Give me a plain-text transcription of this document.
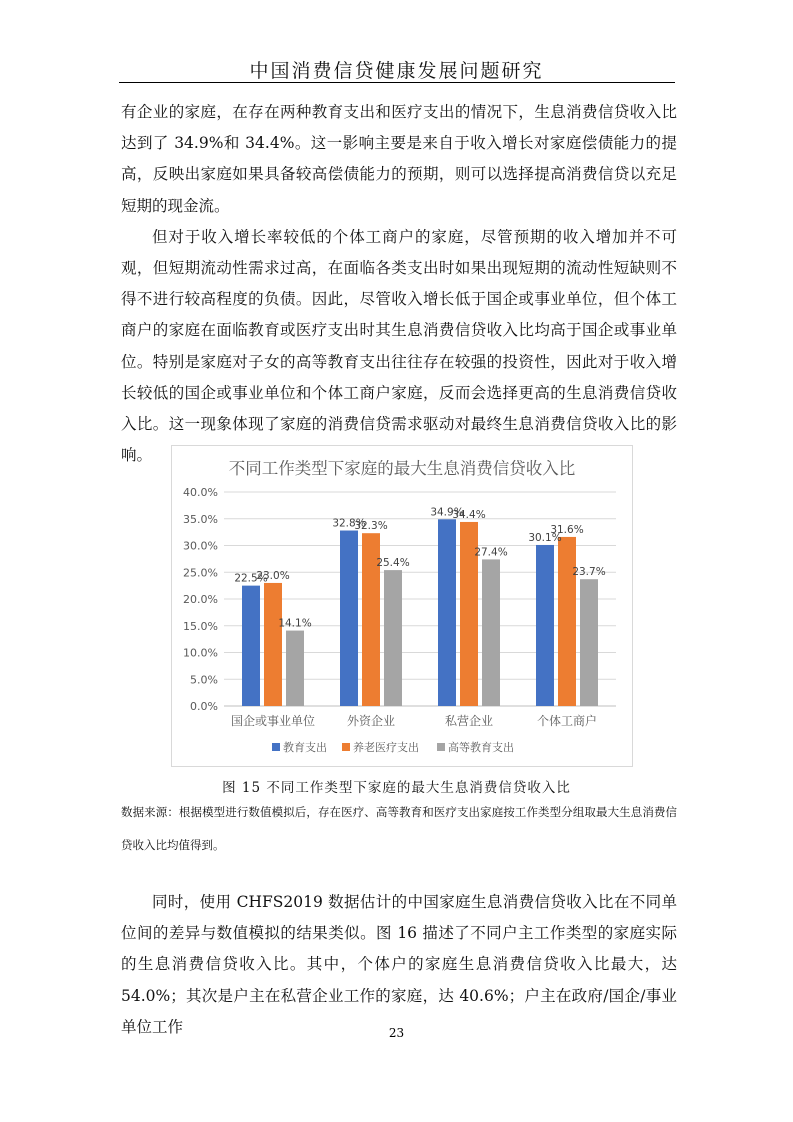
中国消费信贷健康发展问题研究

有企业的家庭，在存在两种教育支出和医疗支出的情况下，生息消费信贷收入比达到了 34.9%和 34.4%。这一影响主要是来自于收入增长对家庭偿债能力的提高，反映出家庭如果具备较高偿债能力的预期，则可以选择提高消费信贷以充足短期的现金流。

但对于收入增长率较低的个体工商户的家庭，尽管预期的收入增加并不可观，但短期流动性需求过高，在面临各类支出时如果出现短期的流动性短缺则不得不进行较高程度的负债。因此，尽管收入增长低于国企或事业单位，但个体工商户的家庭在面临教育或医疗支出时其生息消费信贷收入比均高于国企或事业单位。特别是家庭对子女的高等教育支出往往存在较强的投资性，因此对于收入增长较低的国企或事业单位和个体工商户家庭，反而会选择更高的生息消费信贷收入比。这一现象体现了家庭的消费信贷需求驱动对最终生息消费信贷收入比的影响。

不同工作类型下家庭的最大生息消费信贷收入比
0.0%
5.0%
10.0%
15.0%
20.0%
25.0%
30.0%
35.0%
40.0%
22.5%
23.0%
14.1%
32.8%
32.3%
25.4%
34.9%
34.4%
27.4%
30.1%
31.6%
23.7%
国企或事业单位	外资企业	私营企业	个体工商户
教育支出 养老医疗支出	高等教育支出
图 15 不同工作类型下家庭的最大生息消费信贷收入比
数据来源：根据模型进行数值模拟后，存在医疗、高等教育和医疗支出家庭按工作类型分组取最大生息消费信贷收入比均值得到。

同时，使用 CHFS2019 数据估计的中国家庭生息消费信贷收入比在不同单位间的差异与数值模拟的结果类似。图 16 描述了不同户主工作类型的家庭实际的生息消费信贷收入比。其中，个体户的家庭生息消费信贷收入比最大，达 54.0%；其次是户主在私营企业工作的家庭，达 40.6%；户主在政府/国企/事业单位工作	23
